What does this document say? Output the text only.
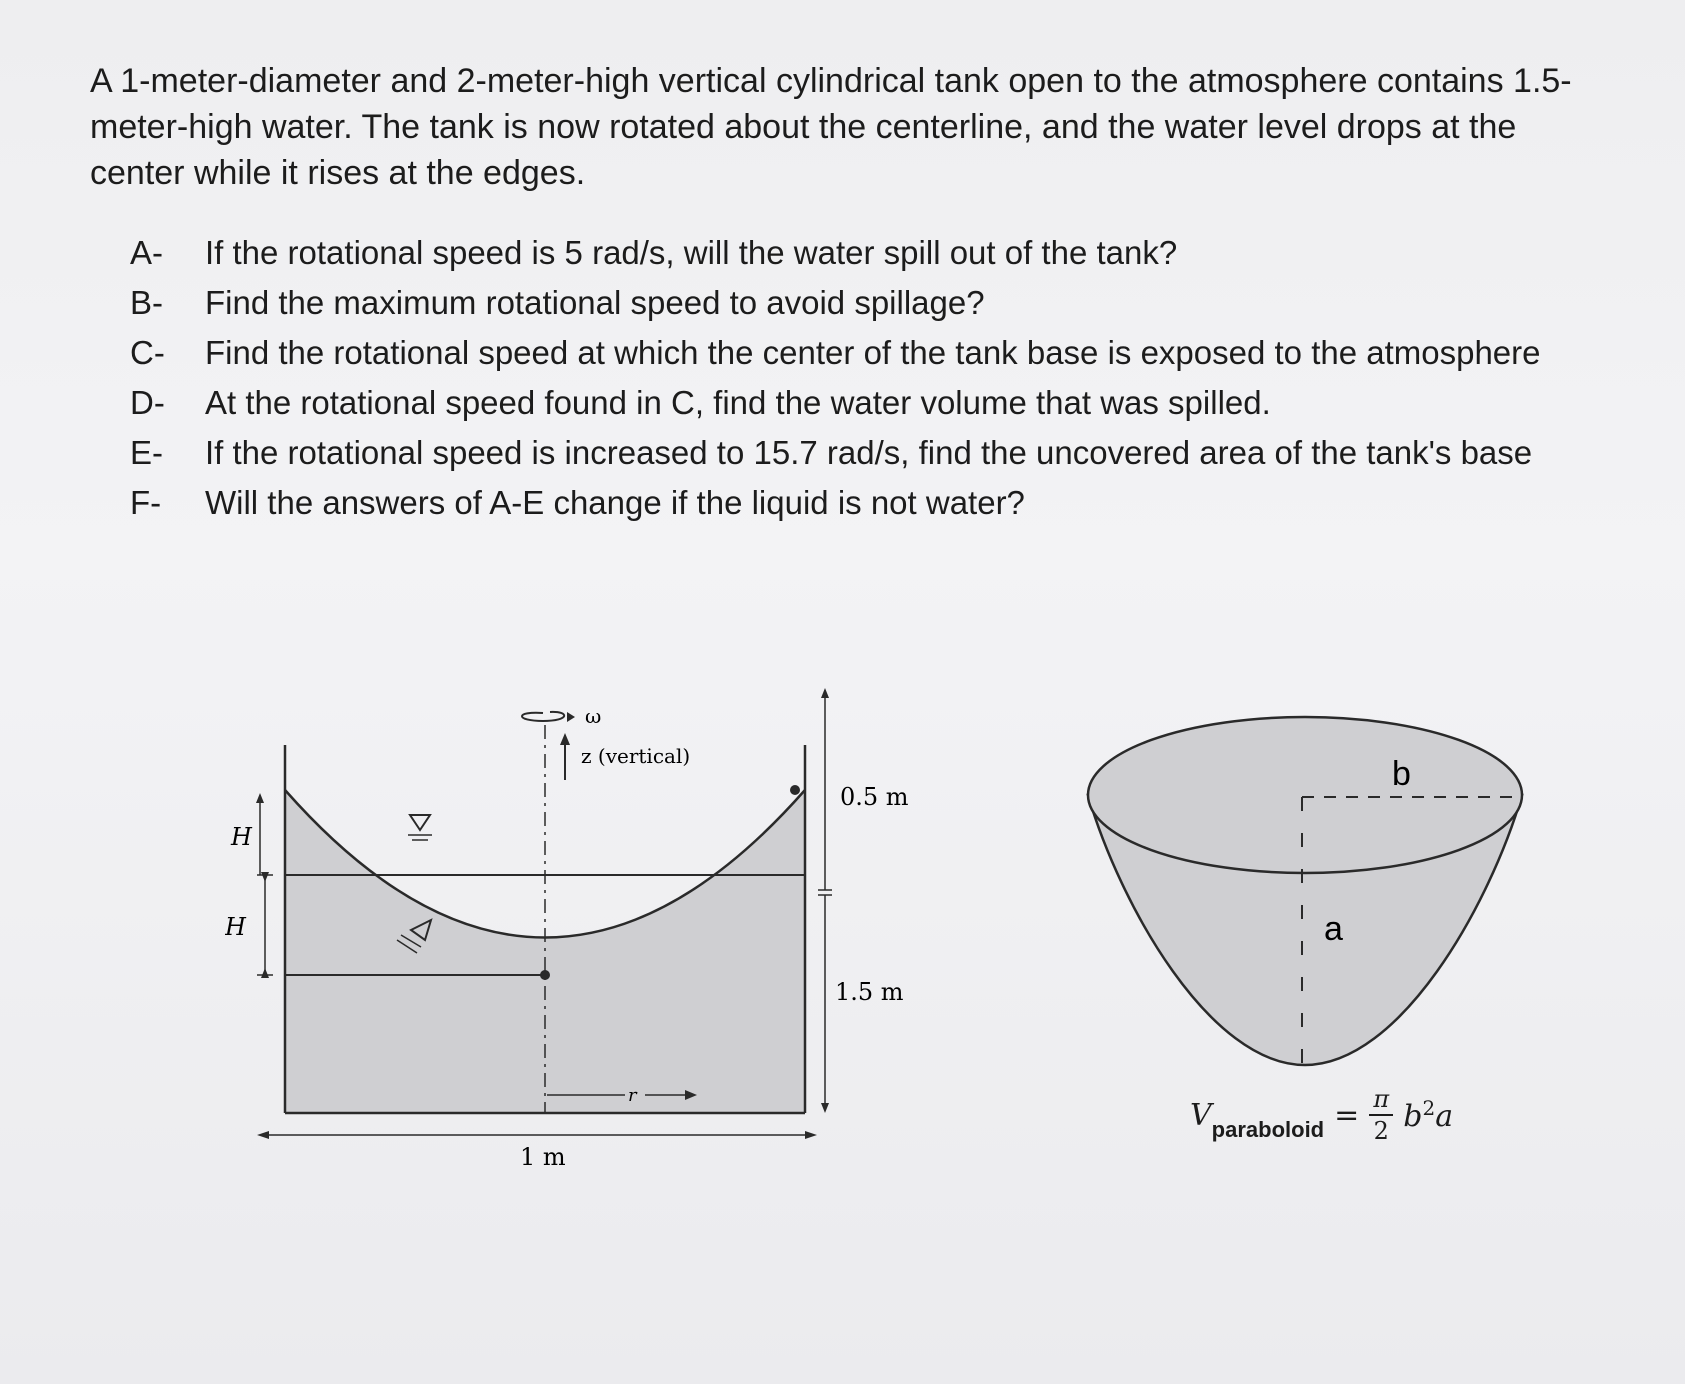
A 1-meter-diameter and 2-meter-high vertical cylindrical tank open to the atmosphere contains 1.5-
meter-high water. The tank is now rotated about the centerline, and the water level drops at the
center while it rises at the edges.
A-	If the rotational speed is 5 rad/s, will the water spill out of the tank?
B-	Find the maximum rotational speed to avoid spillage?
C-	Find the rotational speed at which the center of the tank base is exposed to the atmosphere
D-	At the rotational speed found in C, find the water volume that was spilled.
E-	If the rotational speed is increased to 15.7 rad/s, find the uncovered area of the tank's base
F-	Will the answers of A-E change if the liquid is not water?
ω
z (vertical)
r
H
H
0.5 m
1.5 m
1 m
b
a
$V_{paraboloid} = \frac{\pi}{2} b^2a$
